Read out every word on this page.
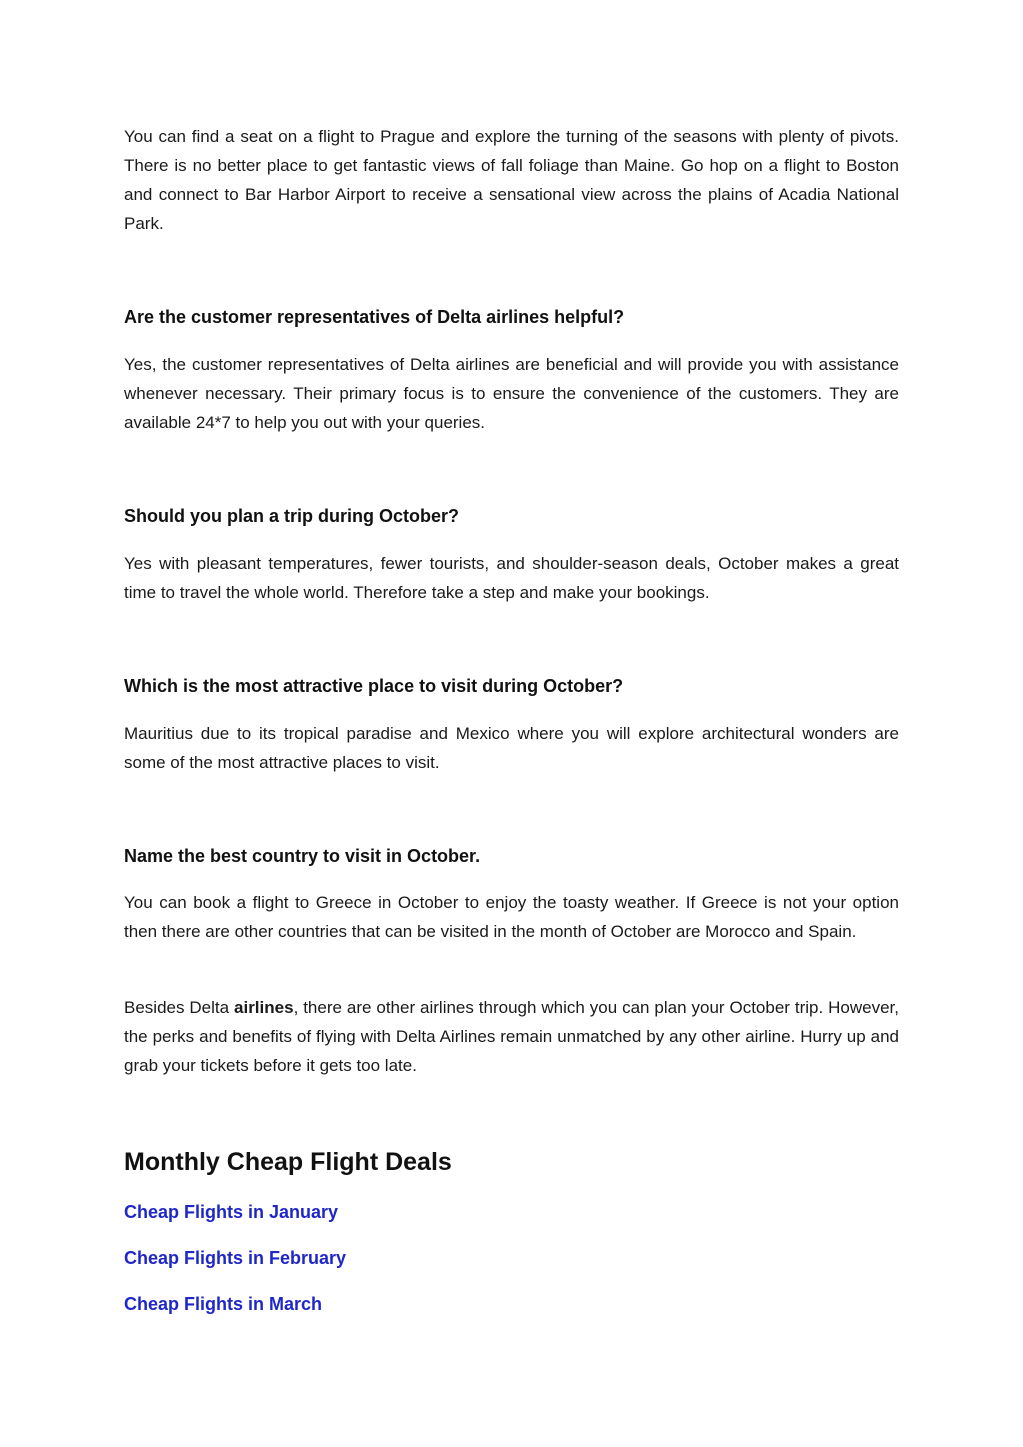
You can find a seat on a flight to Prague and explore the turning of the seasons with plenty of pivots. There is no better place to get fantastic views of fall foliage than Maine. Go hop on a flight to Boston and connect to Bar Harbor Airport to receive a sensational view across the plains of Acadia National Park.

Are the customer representatives of Delta airlines helpful?

Yes, the customer representatives of Delta airlines are beneficial and will provide you with assistance whenever necessary. Their primary focus is to ensure the convenience of the customers. They are available 24*7 to help you out with your queries.

Should you plan a trip during October?

Yes with pleasant temperatures, fewer tourists, and shoulder-season deals, October makes a great time to travel the whole world. Therefore take a step and make your bookings.

Which is the most attractive place to visit during October?

Mauritius due to its tropical paradise and Mexico where you will explore architectural wonders are some of the most attractive places to visit.

Name the best country to visit in October.

You can book a flight to Greece in October to enjoy the toasty weather. If Greece is not your option then there are other countries that can be visited in the month of October are Morocco and Spain.

Besides Delta airlines, there are other airlines through which you can plan your October trip. However, the perks and benefits of flying with Delta Airlines remain unmatched by any other airline. Hurry up and grab your tickets before it gets too late.

Monthly Cheap Flight Deals
Cheap Flights in January
Cheap Flights in February
Cheap Flights in March
